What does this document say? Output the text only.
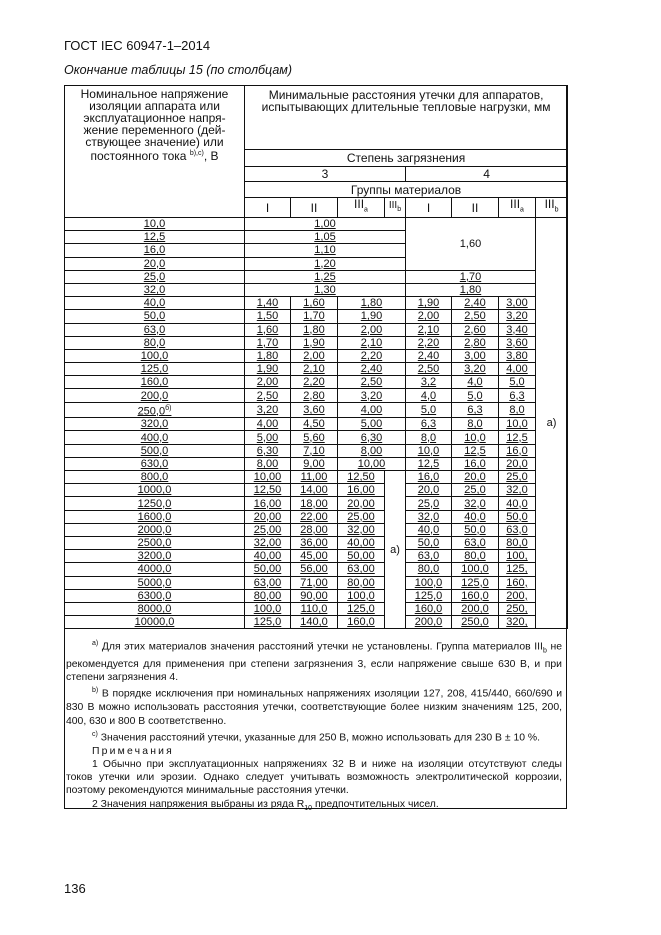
ГОСТ IEC 60947-1–2014
Окончание таблицы 15 (по столбцам)
Номинальное напряжение изоляции аппарата или эксплуатационное напря-жение переменного (дей-ствующее значение) или постоянного тока $^{b),c)}$, В	Минимальные расстояния утечки для аппаратов, испытывающих длительные тепловые нагрузки, мм							
	Степень загрязнения							
	3				4			
	Группы материалов							
	I	II	$III_a$	$III_b$	I	II	$III_a$	$III_b$
10,0	1,00				1,60			а)
12,5	1,05							
16,0	1,10							
20,0	1,20							
25,0	1,25				1,70			
32,0	1,30				1,80			
40,0	1,40	1,60	1,80		1,90	2,40	3,00	
50,0	1,50	1,70	1,90		2,00	2,50	3,20	
63,0	1,60	1,80	2,00		2,10	2,60	3,40	
80,0	1,70	1,90	2,10		2,20	2,80	3,60	
100,0	1,80	2,00	2,20		2,40	3,00	3,80	
125,0	1,90	2,10	2,40		2,50	3,20	4,00	
160,0	2,00	2,20	2,50		3,2	4,0	5,0	
200,0	2,50	2,80	3,20		4,0	5,0	6,3	
$250,0^{б)}$	3,20	3,60	4,00		5,0	6,3	8,0	
320,0	4,00	4,50	5,00		6,3	8,0	10,0	
400,0	5,00	5,60	6,30		8,0	10,0	12,5	
500,0	6,30	7,10	8,00		10,0	12,5	16,0	
630,0	8,00	9,00	10,00		12,5	16,0	20,0	
800,0	10,00	11,00	12,50	а)	16,0	20,0	25,0	
1000,0	12,50	14,00	16,00		20,0	25,0	32,0	
1250,0	16,00	18,00	20,00		25,0	32,0	40,0	
1600,0	20,00	22,00	25,00		32,0	40,0	50,0	
2000,0	25,00	28,00	32,00		40,0	50,0	63,0	
2500,0	32,00	36,00	40,00		50,0	63,0	80,0	
3200,0	40,00	45,00	50,00		63,0	80,0	100,	
4000,0	50,00	56,00	63,00		80,0	100,0	125,	
5000,0	63,00	71,00	80,00		100,0	125,0	160,	
6300,0	80,00	90,00	100,0		125,0	160,0	200,	
8000,0	100,0	110,0	125,0		160,0	200,0	250,	
10000,0	125,0	140,0	160,0		200,0	250,0	320,	

$^{а)}$ Для этих материалов значения расстояний утечки не установлены. Группа материалов $III_b$ не рекомендуется для применения при степени загрязнения 3, если напряжение свыше 630 В, и при степени загрязнения 4.

$^{b)}$ В порядке исключения при номинальных напряжениях изоляции 127, 208, 415/440, 660/690 и 830 В можно использовать расстояния утечки, соответствующие более низким значениям 125, 200, 400, 630 и 800 В соответственно.

$^{c)}$ Значения расстояний утечки, указанные для 250 В, можно использовать для 230 В ± 10 %.

Примечания

1 Обычно при эксплуатационных напряжениях 32 В и ниже на изоляции отсутствуют следы токов утечки или эрозии. Однако следует учитывать возможность электролитической коррозии, поэтому рекомендуются минимальные расстояния утечки.

2 Значения напряжения выбраны из ряда $R_{10}$ предпочтительных чисел.

136
